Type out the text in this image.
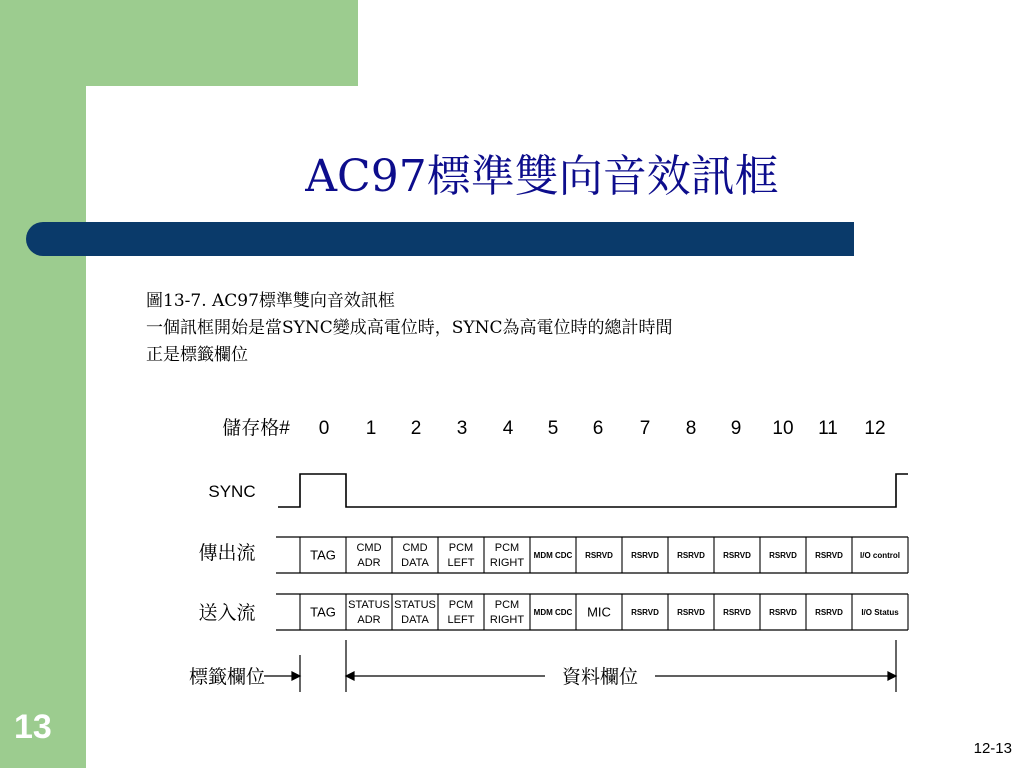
AC97標準雙向音效訊框
圖13-7. AC97標準雙向音效訊框
一個訊框開始是當SYNC變成高電位時，SYNC為高電位時的總計時間
正是標籤欄位
儲存格#
SYNC
傳出流
送入流
標籤欄位	資料欄位
0 1 2 3 4 5 6 7 8 9 10 11 12
TAG CMD
ADR
CMD
DATA
PCM
LEFT
PCM
RIGHT
MDM CDC RSRVD RSRVD RSRVD RSRVD RSRVD RSRVD I/O control
TAG STATUS
ADR
STATUS
DATA
PCM
LEFT
PCM
RIGHT
MDM CDC MIC	RSRVD RSRVD RSRVD RSRVD RSRVD I/O Status
13
12-13
